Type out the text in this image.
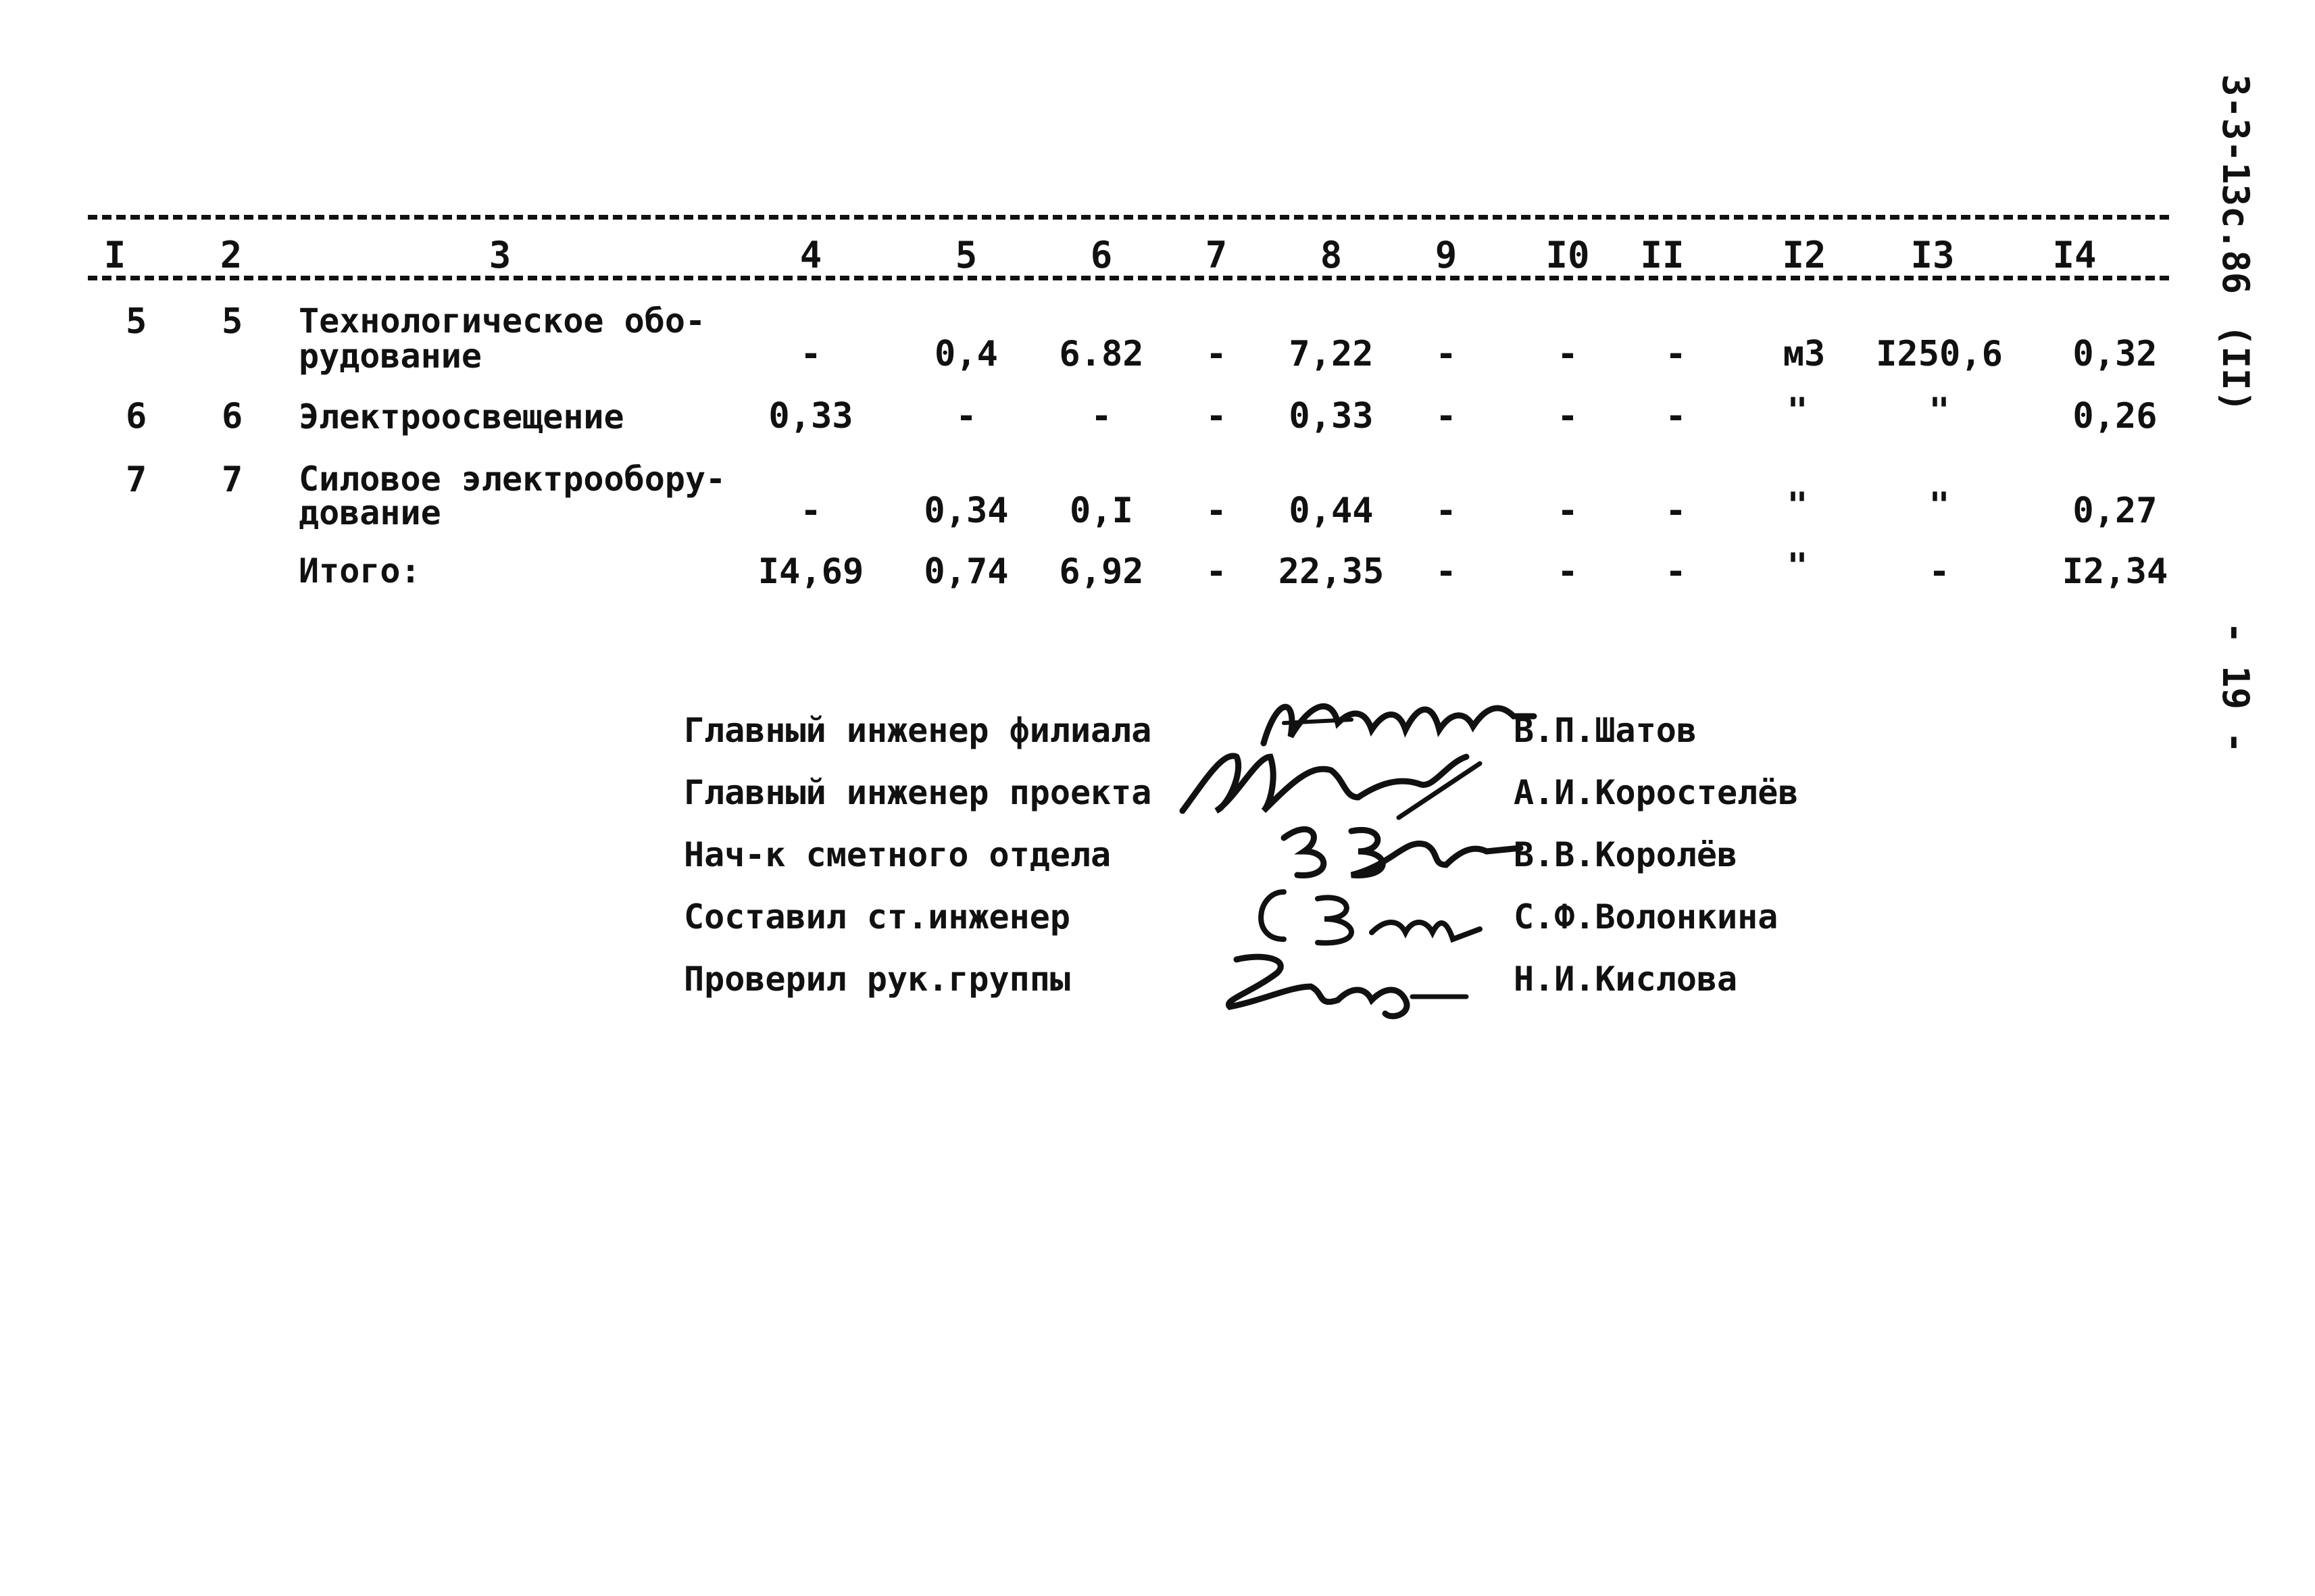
3-3-13c.86
(II)
- 19 -
I	2	3	4	5	6	7	8	9	I0	II	I2	I3	I4
5 5 Технологическое обо-
рудование	-	0,4	6.82	-	7,22	-	-	-	м3	I250,6	0,32
6 6 Электроосвещение	0,33	-	-	-	0,33	-	-	-	"	"	0,26
7 7 Силовое электрообору-
дование	-	0,34	0,I	-	0,44	-	-	-	"	"	0,27
Итого:	I4,69	0,74	6,92	-	22,35	-	-	-	"	-	I2,34
Главный инженер филиала	В.П.Шатов
Главный инженер проекта	А.И.Коростелёв
Нач-к сметного отдела	В.В.Королёв
Составил ст.инженер	С.Ф.Волонкина
Проверил рук.группы	Н.И.Кислова
